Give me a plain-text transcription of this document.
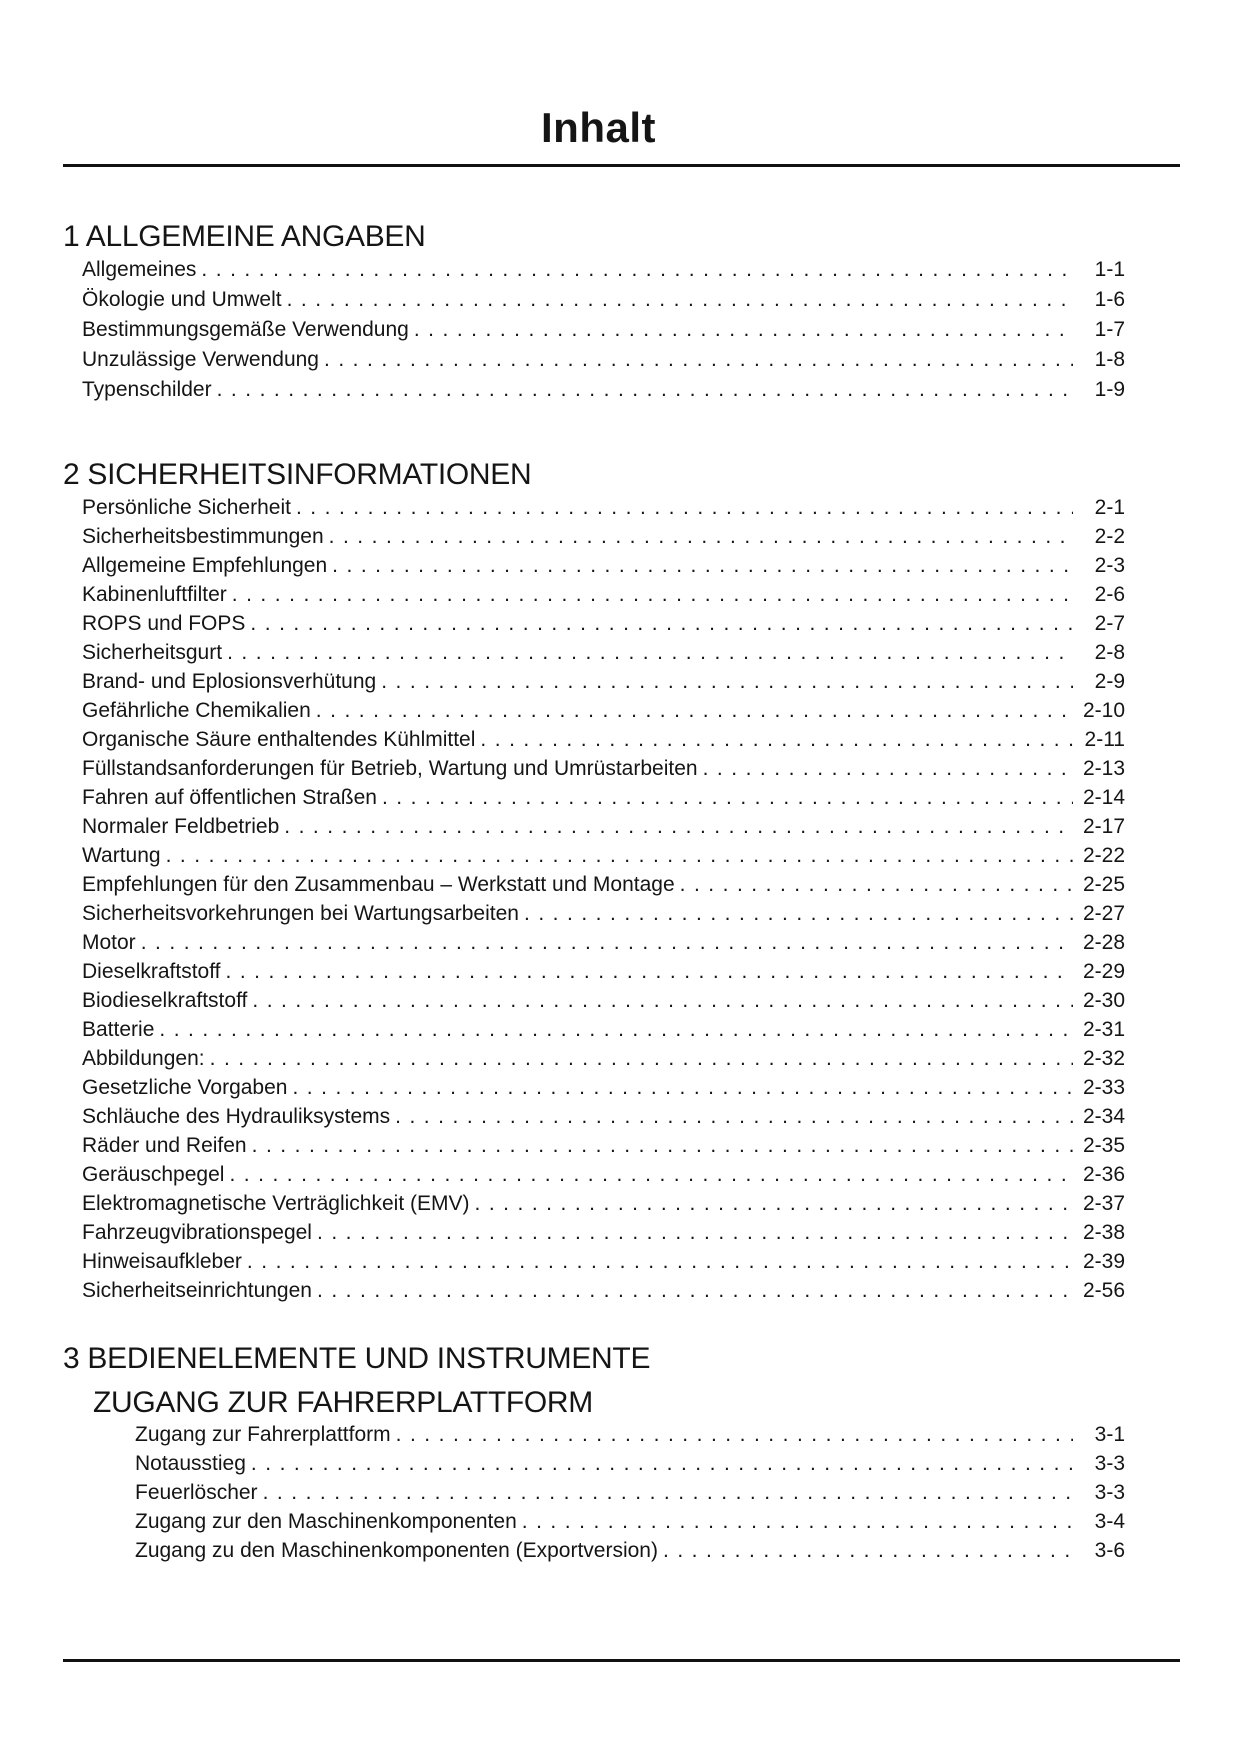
Inhalt
1 ALLGEMEINE ANGABEN
Allgemeines .....	1-1
Ökologie und Umwelt .....	1-6
Bestimmungsgemäße Verwendung .....	1-7
Unzulässige Verwendung .....	1-8
Typenschilder .....	1-9
2 SICHERHEITSINFORMATIONEN
Persönliche Sicherheit .....	2-1
Sicherheitsbestimmungen .....	2-2
Allgemeine Empfehlungen .....	2-3
Kabinenluftfilter .....	2-6
ROPS und FOPS .....	2-7
Sicherheitsgurt .....	2-8
Brand- und Eplosionsverhütung .....	2-9
Gefährliche Chemikalien .....	2-10
Organische Säure enthaltendes Kühlmittel .....	2-11
Füllstandsanforderungen für Betrieb, Wartung und Umrüstarbeiten .....	2-13
Fahren auf öffentlichen Straßen .....	2-14
Normaler Feldbetrieb .....	2-17
Wartung .....	2-22
Empfehlungen für den Zusammenbau – Werkstatt und Montage .....	2-25
Sicherheitsvorkehrungen bei Wartungsarbeiten .....	2-27
Motor .....	2-28
Dieselkraftstoff .....	2-29
Biodieselkraftstoff .....	2-30
Batterie .....	2-31
Abbildungen: .....	2-32
Gesetzliche Vorgaben .....	2-33
Schläuche des Hydrauliksystems .....	2-34
Räder und Reifen .....	2-35
Geräuschpegel .....	2-36
Elektromagnetische Verträglichkeit (EMV) .....	2-37
Fahrzeugvibrationspegel .....	2-38
Hinweisaufkleber .....	2-39
Sicherheitseinrichtungen .....	2-56
3 BEDIENELEMENTE UND INSTRUMENTE
ZUGANG ZUR FAHRERPLATTFORM
Zugang zur Fahrerplattform .....	3-1
Notausstieg .....	3-3
Feuerlöscher .....	3-3
Zugang zur den Maschinenkomponenten .....	3-4
Zugang zu den Maschinenkomponenten (Exportversion) .....	3-6
